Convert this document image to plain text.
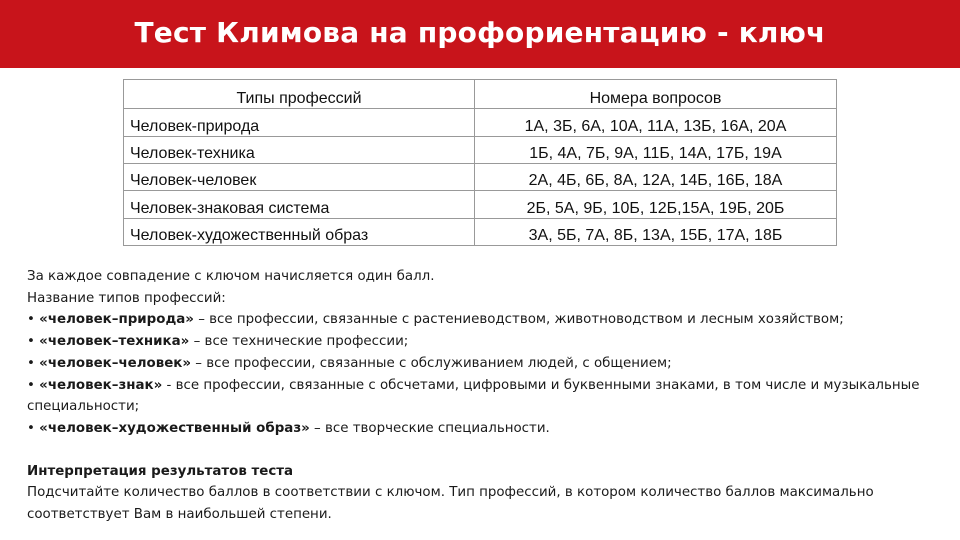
Тест Климова на профориентацию - ключ
Типы профессий	Номера вопросов
Человек-природа	1А, 3Б, 6А, 10А, 11А, 13Б, 16А, 20А
Человек-техника	1Б, 4А, 7Б, 9А, 11Б, 14А, 17Б, 19А
Человек-человек	2А, 4Б, 6Б, 8А, 12А, 14Б, 16Б, 18А
Человек-знаковая система	2Б, 5А, 9Б, 10Б, 12Б,15А, 19Б, 20Б
Человек-художественный образ	3А, 5Б, 7А, 8Б, 13А, 15Б, 17А, 18Б

За каждое совпадение с ключом начисляется один балл.

Название типов профессий:

• «человек–природа» – все профессии, связанные с растениеводством, животноводством и лесным хозяйством;

• «человек–техника» – все технические профессии;

• «человек–человек» – все профессии, связанные с обслуживанием людей, с общением;

• «человек–знак» - все профессии, связанные с обсчетами, цифровыми и буквенными знаками, в том числе и музыкальные специальности;

• «человек–художественный образ» – все творческие специальности.

Интерпретация результатов теста

Подсчитайте количество баллов в соответствии с ключом. Тип профессий, в котором количество баллов максимально соответствует Вам в наибольшей степени.
